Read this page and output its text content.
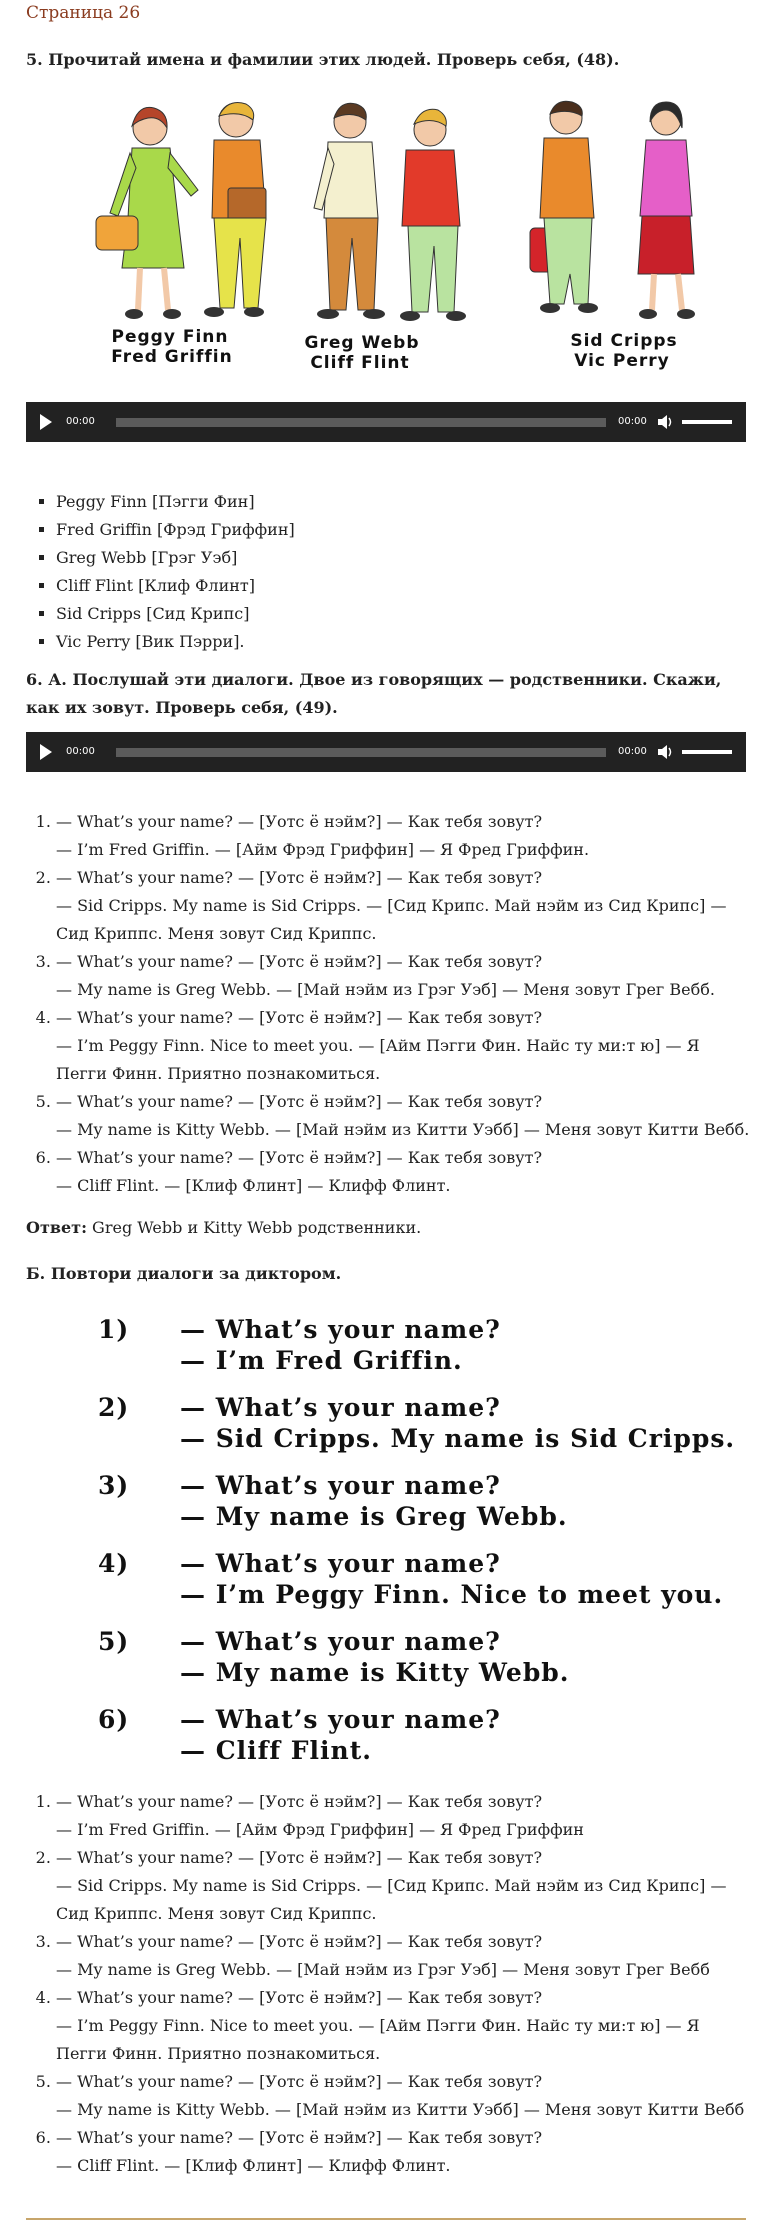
Страница 26
5. Прочитай имена и фамилии этих людей. Проверь себя, (48).
Peggy Finn
Fred Griffin
Greg Webb
Cliff Flint
Sid Cripps
Vic Perry
00:00	00:00
▪ Peggy Finn [Пэгги Фин]
▪ Fred Griffin [Фрэд Гриффин]
▪ Greg Webb [Грэг Уэб]
▪ Cliff Flint [Клиф Флинт]
▪ Sid Cripps [Сид Крипс]
▪ Vic Perry [Вик Пэрри].
6. А. Послушай эти диалоги. Двое из говорящих — родственники. Скажи, как их зовут. Проверь себя, (49).
00:00	00:00
1. — What’s your name? — [Уотс ё нэйм?] — Как тебя зовут?
— I’m Fred Griffin. — [Айм Фрэд Гриффин] — Я Фред Гриффин.
2. — What’s your name? — [Уотс ё нэйм?] — Как тебя зовут?
— Sid Cripps. My name is Sid Cripps. — [Сид Крипс. Май нэйм из Сид Крипс] — Сид Криппс. Меня зовут Сид Криппс.
3. — What’s your name? — [Уотс ё нэйм?] — Как тебя зовут?
— My name is Greg Webb. — [Май нэйм из Грэг Уэб] — Меня зовут Грег Вебб.
4. — What’s your name? — [Уотс ё нэйм?] — Как тебя зовут?
— I’m Peggy Finn. Nice to meet you. — [Айм Пэгги Фин. Найс ту ми:т ю] — Я Пегги Финн. Приятно познакомиться.
5. — What’s your name? — [Уотс ё нэйм?] — Как тебя зовут?
— My name is Kitty Webb. — [Май нэйм из Китти Уэбб] — Меня зовут Китти Вебб.
6. — What’s your name? — [Уотс ё нэйм?] — Как тебя зовут?
— Cliff Flint. — [Клиф Флинт] — Клифф Флинт.
Ответ: Greg Webb и Kitty Webb родственники.
Б. Повтори диалоги за диктором.
1)	— What’s your name?
— I’m Fred Griffin.
2)	— What’s your name?
— Sid Cripps. My name is Sid Cripps.
3)	— What’s your name?
— My name is Greg Webb.
4)	— What’s your name?
— I’m Peggy Finn. Nice to meet you.
5)	— What’s your name?
— My name is Kitty Webb.
6)	— What’s your name?
— Cliff Flint.
1. — What’s your name? — [Уотс ё нэйм?] — Как тебя зовут?
— I’m Fred Griffin. — [Айм Фрэд Гриффин] — Я Фред Гриффин
2. — What’s your name? — [Уотс ё нэйм?] — Как тебя зовут?
— Sid Cripps. My name is Sid Cripps. — [Сид Крипс. Май нэйм из Сид Крипс] — Сид Криппс. Меня зовут Сид Криппс.
3. — What’s your name? — [Уотс ё нэйм?] — Как тебя зовут?
— My name is Greg Webb. — [Май нэйм из Грэг Уэб] — Меня зовут Грег Вебб
4. — What’s your name? — [Уотс ё нэйм?] — Как тебя зовут?
— I’m Peggy Finn. Nice to meet you. — [Айм Пэгги Фин. Найс ту ми:т ю] — Я Пегги Финн. Приятно познакомиться.
5. — What’s your name? — [Уотс ё нэйм?] — Как тебя зовут?
— My name is Kitty Webb. — [Май нэйм из Китти Уэбб] — Меня зовут Китти Вебб
6. — What’s your name? — [Уотс ё нэйм?] — Как тебя зовут?
— Cliff Flint. — [Клиф Флинт] — Клифф Флинт.
